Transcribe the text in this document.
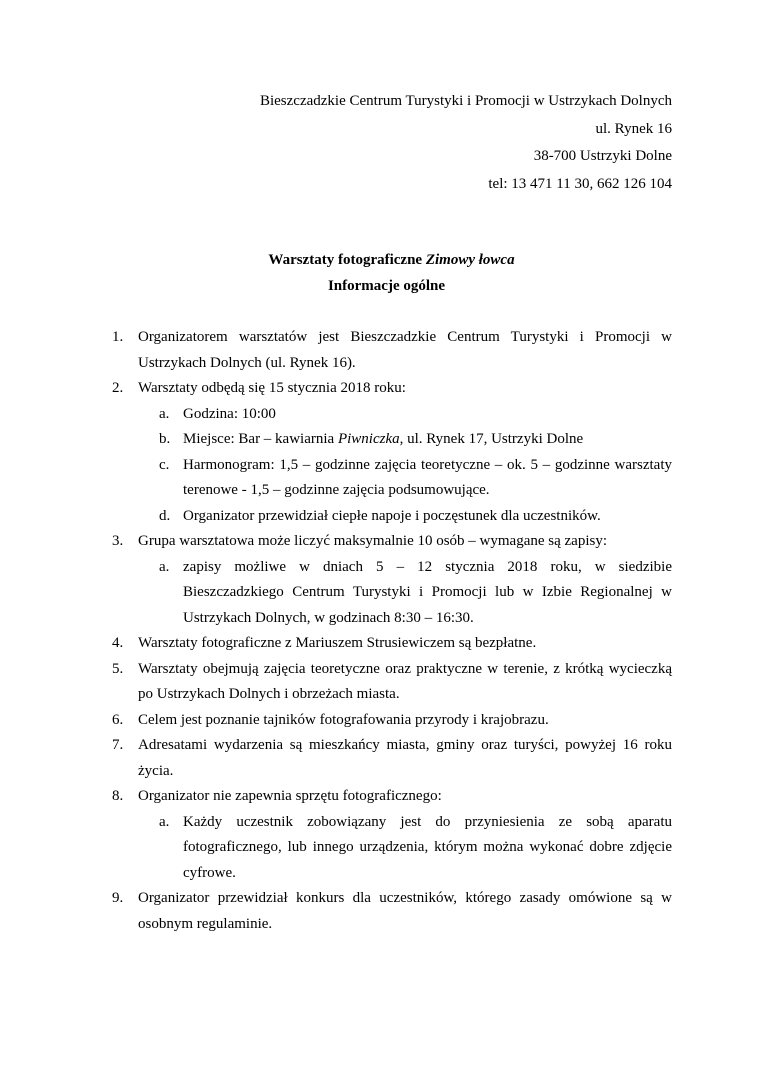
Bieszczadzkie Centrum Turystyki i Promocji w Ustrzykach Dolnych
ul. Rynek 16
38-700 Ustrzyki Dolne
tel: 13 471 11 30, 662 126 104
Warsztaty fotograficzne Zimowy łowca
Informacje ogólne
1. Organizatorem warsztatów jest Bieszczadzkie Centrum Turystyki i Promocji w Ustrzykach Dolnych (ul. Rynek 16).
2. Warsztaty odbędą się 15 stycznia 2018 roku:
a. Godzina: 10:00
b. Miejsce: Bar – kawiarnia Piwniczka, ul. Rynek 17, Ustrzyki Dolne
c. Harmonogram: 1,5 – godzinne zajęcia teoretyczne – ok. 5 – godzinne warsztaty terenowe - 1,5 – godzinne zajęcia podsumowujące.
d. Organizator przewidział ciepłe napoje i poczęstunek dla uczestników.
3. Grupa warsztatowa może liczyć maksymalnie 10 osób – wymagane są zapisy:
a. zapisy możliwe w dniach 5 – 12 stycznia 2018 roku, w siedzibie Bieszczadzkiego Centrum Turystyki i Promocji lub w Izbie Regionalnej w Ustrzykach Dolnych, w godzinach 8:30 – 16:30.
4. Warsztaty fotograficzne z Mariuszem Strusiewiczem są bezpłatne.
5. Warsztaty obejmują zajęcia teoretyczne oraz praktyczne w terenie, z krótką wycieczką po Ustrzykach Dolnych i obrzeżach miasta.
6. Celem jest poznanie tajników fotografowania przyrody i krajobrazu.
7. Adresatami wydarzenia są mieszkańcy miasta, gminy oraz turyści, powyżej 16 roku życia.
8. Organizator nie zapewnia sprzętu fotograficznego:
a. Każdy uczestnik zobowiązany jest do przyniesienia ze sobą aparatu fotograficznego, lub innego urządzenia, którym można wykonać dobre zdjęcie cyfrowe.
9. Organizator przewidział konkurs dla uczestników, którego zasady omówione są w osobnym regulaminie.
